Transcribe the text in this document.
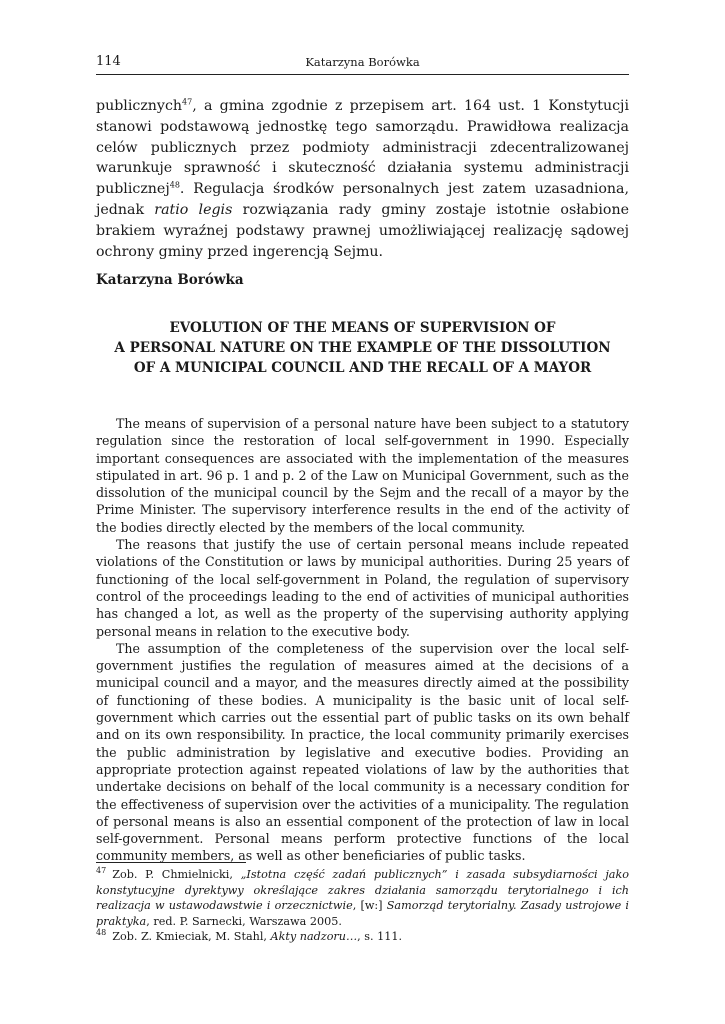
114	Katarzyna Borówka
publicznych$^{47}$, a gmina zgodnie z przepisem art. 164 ust. 1 Konstytucji stanowi podstawową jednostkę tego samorządu. Prawidłowa realizacja celów publicznych przez podmioty administracji zdecentralizowanej warunkuje sprawność i skuteczność działania systemu administracji publicznej$^{48}$. Regulacja środków personalnych jest zatem uzasadniona, jednak ratio legis rozwiązania rady gminy zostaje istotnie osłabione brakiem wyraźnej podstawy prawnej umożliwiającej realizację sądowej ochrony gminy przed ingerencją Sejmu.
Katarzyna Borówka
EVOLUTION OF THE MEANS OF SUPERVISION OF
A PERSONAL NATURE ON THE EXAMPLE OF THE DISSOLUTION
OF A MUNICIPAL COUNCIL AND THE RECALL OF A MAYOR

The means of supervision of a personal nature have been subject to a statutory regulation since the restoration of local self-government in 1990. Especially important consequences are associated with the implementation of the measures stipulated in art. 96 p. 1 and p. 2 of the Law on Municipal Government, such as the dissolution of the municipal council by the Sejm and the recall of a mayor by the Prime Minister. The supervisory interference results in the end of the activity of the bodies directly elected by the members of the local community.

The reasons that justify the use of certain personal means include repeated violations of the Constitution or laws by municipal authorities. During 25 years of functioning of the local self-government in Poland, the regulation of supervisory control of the proceedings leading to the end of activities of municipal authorities has changed a lot, as well as the property of the supervising authority applying personal means in relation to the executive body.

The assumption of the completeness of the supervision over the local self-government justifies the regulation of measures aimed at the decisions of a municipal council and a mayor, and the measures directly aimed at the possibility of functioning of these bodies. A municipality is the basic unit of local self-government which carries out the essential part of public tasks on its own behalf and on its own responsibility. In practice, the local community primarily exercises the public administration by legislative and executive bodies. Providing an appropriate protection against repeated violations of law by the authorities that undertake decisions on behalf of the local community is a necessary condition for the effectiveness of supervision over the activities of a municipality. The regulation of personal means is also an essential component of the protection of law in local self-government. Personal means perform protective functions of the local community members, as well as other beneficiaries of public tasks.

$^{47}$ Zob. P. Chmielnicki, „Istotna część zadań publicznych” i zasada subsydiarności jako konstytucyjne dyrektywy określające zakres działania samorządu terytorialnego i ich realizacja w ustawodawstwie i orzecznictwie, [w:] Samorząd terytorialny. Zasady ustrojowe i praktyka, red. P. Sarnecki, Warszawa 2005.

$^{48}$ Zob. Z. Kmieciak, M. Stahl, Akty nadzoru…, s. 111.
